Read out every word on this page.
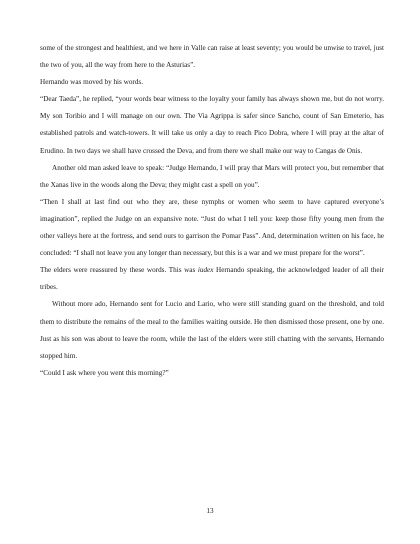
some of the strongest and healthiest, and we here in Valle can raise at least seventy; you would be unwise to travel, just the two of you, all the way from here to the Asturias”.

Hernando was moved by his words.

“Dear Taeda”, he replied, “your words bear witness to the loyalty your family has always shown me, but do not worry. My son Toribio and I will manage on our own. The Via Agrippa is safer since Sancho, count of San Emeterio, has established patrols and watch-towers. It will take us only a day to reach Pico Dobra, where I will pray at the altar of Erudino. In two days we shall have crossed the Deva, and from there we shall make our way to Cangas de Onis.

Another old man asked leave to speak: “Judge Hernando, I will pray that Mars will protect you, but remember that the Xanas live in the woods along the Deva; they might cast a spell on you”.

“Then I shall at last find out who they are, these nymphs or women who seem to have captured everyone’s imagination”, replied the Judge on an expansive note. “Just do what I tell you: keep those fifty young men from the other valleys here at the fortress, and send ours to garrison the Pomar Pass”. And, determination written on his face, he concluded: “I shall not leave you any longer than necessary, but this is a war and we must prepare for the worst”.

The elders were reassured by these words. This was iudex Hernando speaking, the acknowledged leader of all their tribes.

Without more ado, Hernando sent for Lucio and Lario, who were still standing guard on the threshold, and told them to distribute the remains of the meal to the families waiting outside. He then dismissed those present, one by one. Just as his son was about to leave the room, while the last of the elders were still chatting with the servants, Hernando stopped him.

“Could I ask where you went this morning?”

13
